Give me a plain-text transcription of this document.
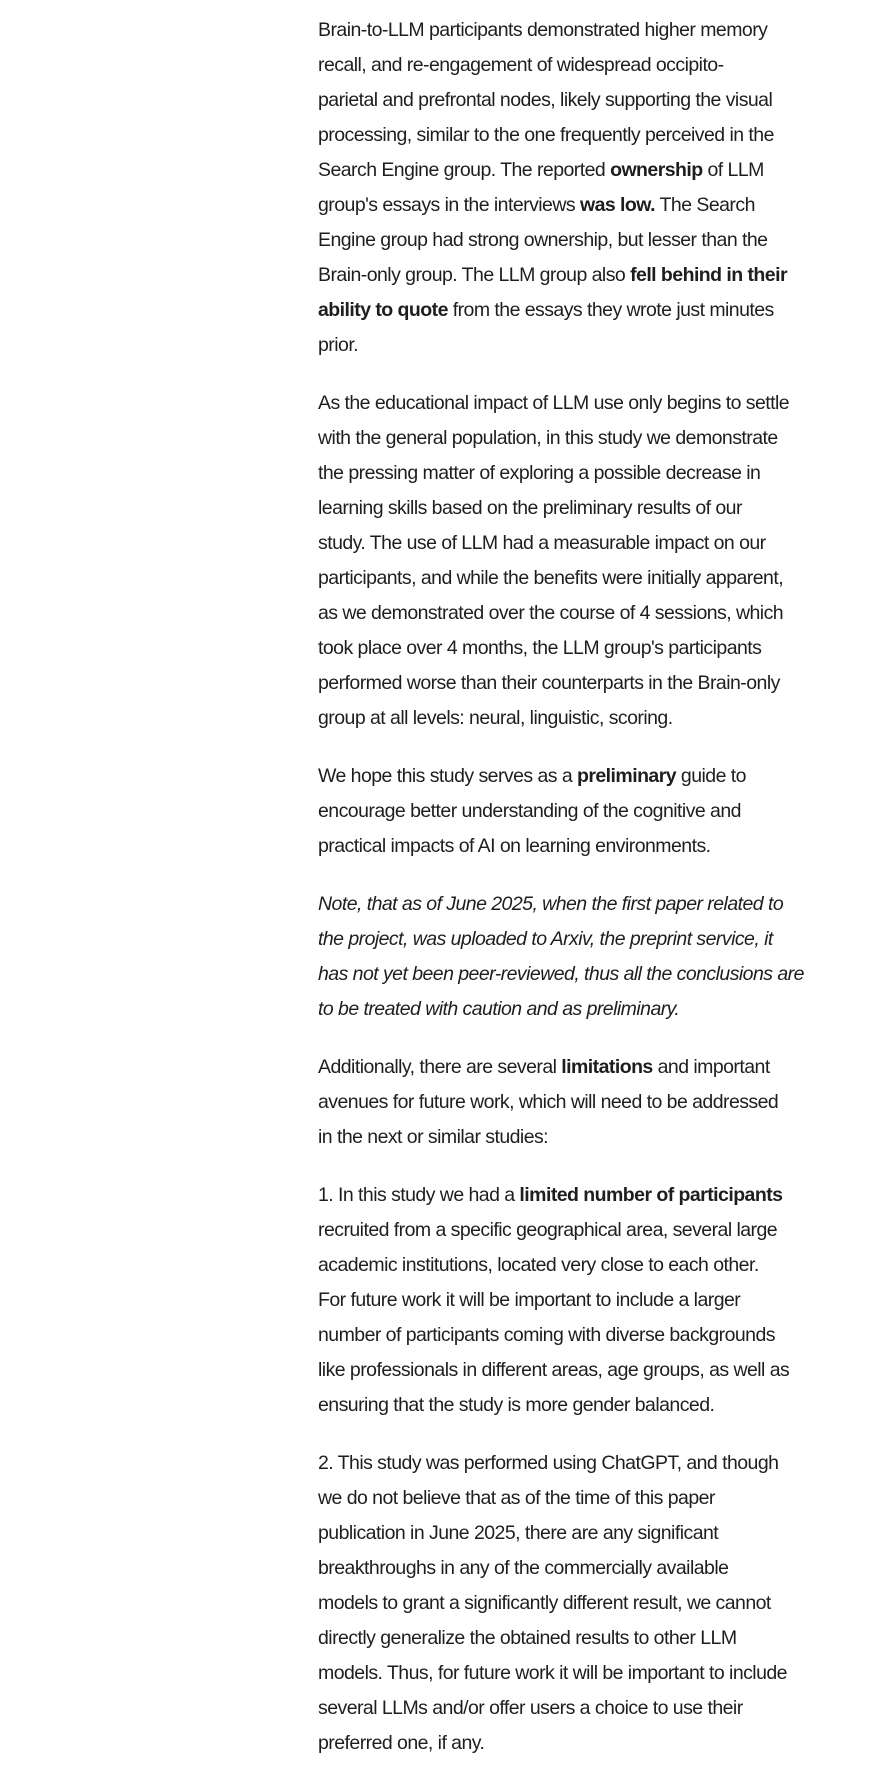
Brain-to-LLM participants demonstrated higher memory
recall, and re-engagement of widespread occipito-
parietal and prefrontal nodes, likely supporting the visual
processing, similar to the one frequently perceived in the
Search Engine group. The reported ownership of LLM
group's essays in the interviews was low. The Search
Engine group had strong ownership, but lesser than the
Brain-only group. The LLM group also fell behind in their
ability to quote from the essays they wrote just minutes
prior.

As the educational impact of LLM use only begins to settle
with the general population, in this study we demonstrate
the pressing matter of exploring a possible decrease in
learning skills based on the preliminary results of our
study. The use of LLM had a measurable impact on our
participants, and while the benefits were initially apparent,
as we demonstrated over the course of 4 sessions, which
took place over 4 months, the LLM group's participants
performed worse than their counterparts in the Brain-only
group at all levels: neural, linguistic, scoring.

We hope this study serves as a preliminary guide to
encourage better understanding of the cognitive and
practical impacts of AI on learning environments.

Note, that as of June 2025, when the first paper related to
the project, was uploaded to Arxiv, the preprint service, it
has not yet been peer-reviewed, thus all the conclusions are
to be treated with caution and as preliminary.

Additionally, there are several limitations and important
avenues for future work, which will need to be addressed
in the next or similar studies:

1. In this study we had a limited number of participants
recruited from a specific geographical area, several large
academic institutions, located very close to each other.
For future work it will be important to include a larger
number of participants coming with diverse backgrounds
like professionals in different areas, age groups, as well as
ensuring that the study is more gender balanced.

2. This study was performed using ChatGPT, and though
we do not believe that as of the time of this paper
publication in June 2025, there are any significant
breakthroughs in any of the commercially available
models to grant a significantly different result, we cannot
directly generalize the obtained results to other LLM
models. Thus, for future work it will be important to include
several LLMs and/or offer users a choice to use their
preferred one, if any.
